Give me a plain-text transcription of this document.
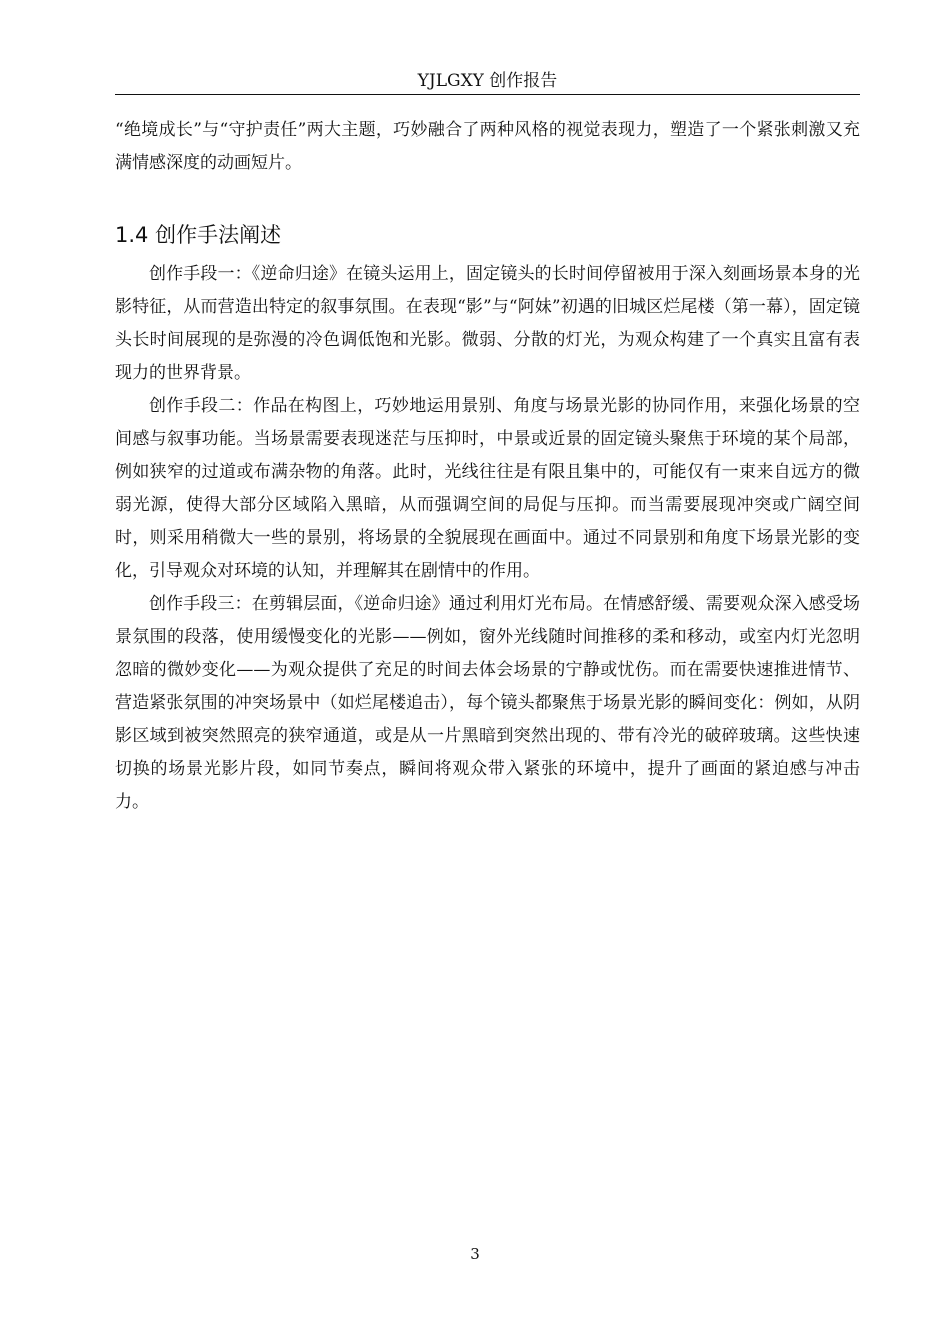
YJLGXY 创作报告

“绝境成长”与“守护责任”两大主题，巧妙融合了两种风格的视觉表现力，塑造了一个紧张刺激又充满情感深度的动画短片。

1.4 创作手法阐述

创作手段一：《逆命归途》在镜头运用上，固定镜头的长时间停留被用于深入刻画场景本身的光影特征，从而营造出特定的叙事氛围。在表现“影”与“阿妹”初遇的旧城区烂尾楼（第一幕），固定镜头长时间展现的是弥漫的冷色调低饱和光影。微弱、分散的灯光，为观众构建了一个真实且富有表现力的世界背景。

创作手段二：作品在构图上，巧妙地运用景别、角度与场景光影的协同作用，来强化场景的空间感与叙事功能。当场景需要表现迷茫与压抑时，中景或近景的固定镜头聚焦于环境的某个局部，例如狭窄的过道或布满杂物的角落。此时，光线往往是有限且集中的，可能仅有一束来自远方的微弱光源，使得大部分区域陷入黑暗，从而强调空间的局促与压抑。而当需要展现冲突或广阔空间时，则采用稍微大一些的景别，将场景的全貌展现在画面中。通过不同景别和角度下场景光影的变化，引导观众对环境的认知，并理解其在剧情中的作用。

创作手段三：在剪辑层面，《逆命归途》通过利用灯光布局。在情感舒缓、需要观众深入感受场景氛围的段落，使用缓慢变化的光影——例如，窗外光线随时间推移的柔和移动，或室内灯光忽明忽暗的微妙变化——为观众提供了充足的时间去体会场景的宁静或忧伤。而在需要快速推进情节、营造紧张氛围的冲突场景中（如烂尾楼追击），每个镜头都聚焦于场景光影的瞬间变化：例如，从阴影区域到被突然照亮的狭窄通道，或是从一片黑暗到突然出现的、带有冷光的破碎玻璃。这些快速切换的场景光影片段，如同节奏点，瞬间将观众带入紧张的环境中，提升了画面的紧迫感与冲击力。

3
